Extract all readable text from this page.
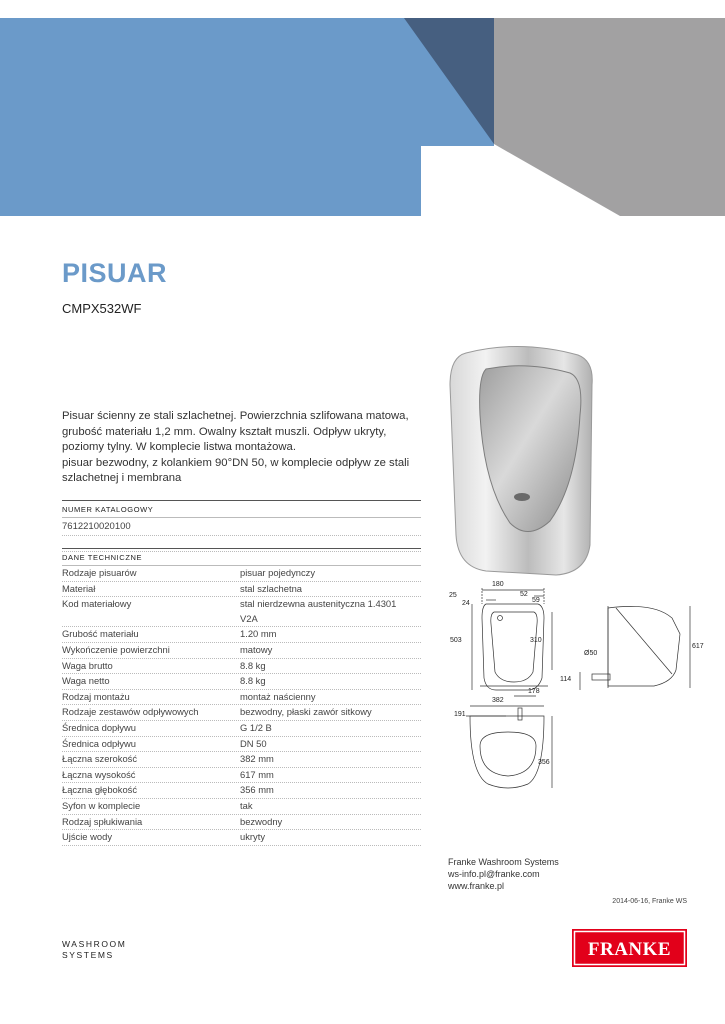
PISUAR
CMPX532WF
Pisuar ścienny ze stali szlachetnej. Powierzchnia szlifowana matowa, grubość materiału 1,2 mm. Owalny kształt muszli. Odpływ ukryty, poziomy tylny. W komplecie listwa montażowa.
pisuar bezwodny, z kolankiem 90°DN 50, w komplecie odpływ ze stali szlachetnej i membrana
NUMER KATALOGOWY
7612210020100
DANE TECHNICZNE
Rodzaje pisuarów	pisuar pojedynczy
Materiał	stal szlachetna
Kod materiałowy	stal nierdzewna austenityczna 1.4301
V2A
Grubość materiału	1.20 mm
Wykończenie powierzchni	matowy
Waga brutto	8.8 kg
Waga netto	8.8 kg
Rodzaj montażu	montaż naścienny
Rodzaje zestawów odpływowych	bezwodny, płaski zawór sitkowy
Średnica dopływu	G 1/2 B
Średnica odpływu	DN 50
Łączna szerokość	382 mm
Łączna wysokość	617 mm
Łączna głębokość	356 mm
Syfon w komplecie	tak
Rodzaj spłukiwania	bezwodny
Ujście wody	ukryty
180
52
25
24	59
503	310
178
Ø50
114
617
382
191
356
Franke Washroom Systems
ws-info.pl@franke.com
www.franke.pl
2014-06-16, Franke WS
WASHROOM
SYSTEMS	FRANKE
